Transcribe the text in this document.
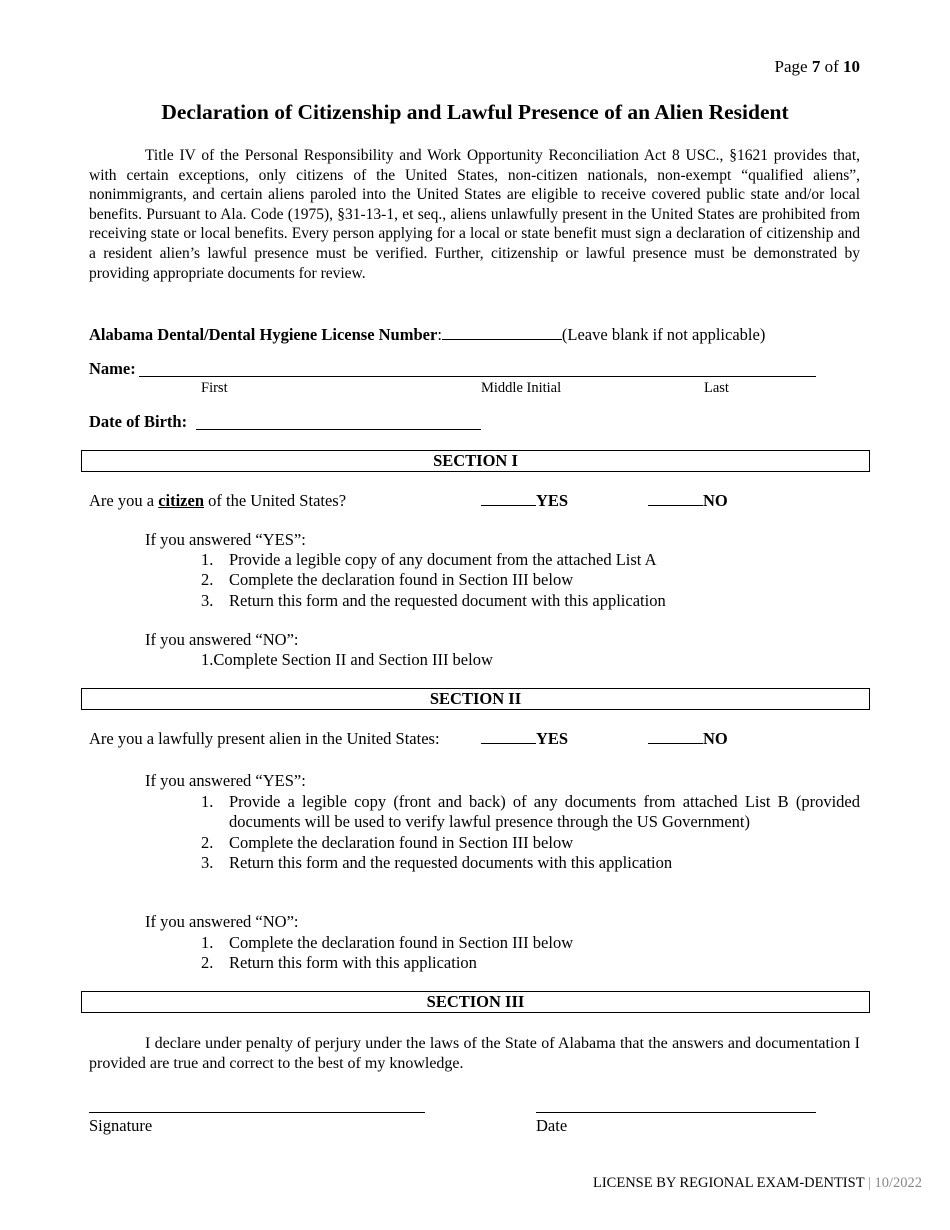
Page 7 of 10
Declaration of Citizenship and Lawful Presence of an Alien Resident

Title IV of the Personal Responsibility and Work Opportunity Reconciliation Act 8 USC., §1621 provides that, with certain exceptions, only citizens of the United States, non-citizen nationals, non-exempt “qualified aliens”, nonimmigrants, and certain aliens paroled into the United States are eligible to receive covered public state and/or local benefits. Pursuant to Ala. Code (1975), §31-13-1, et seq., aliens unlawfully present in the United States are prohibited from receiving state or local benefits. Every person applying for a local or state benefit must sign a declaration of citizenship and a resident alien’s lawful presence must be verified. Further, citizenship or lawful presence must be demonstrated by providing appropriate documents for review.

Alabama Dental/Dental Hygiene License Number:	(Leave blank if not applicable)
Name:
First	Middle Initial	Last
Date of Birth:
SECTION I
Are you a citizen of the United States?	YES	NO
If you answered “YES”:
1. Provide a legible copy of any document from the attached List A
2. Complete the declaration found in Section III below
3. Return this form and the requested document with this application
If you answered “NO”:
1.Complete Section II and Section III below
SECTION II
Are you a lawfully present alien in the United States:	YES	NO
If you answered “YES”:
1. Provide a legible copy (front and back) of any documents from attached List B (provided documents will be used to verify lawful presence through the US Government)
2. Complete the declaration found in Section III below
3. Return this form and the requested documents with this application
If you answered “NO”:
1. Complete the declaration found in Section III below
2. Return this form with this application
SECTION III

I declare under penalty of perjury under the laws of the State of Alabama that the answers and documentation I provided are true and correct to the best of my knowledge.

Signature	Date
LICENSE BY REGIONAL EXAM-DENTIST | 10/2022
